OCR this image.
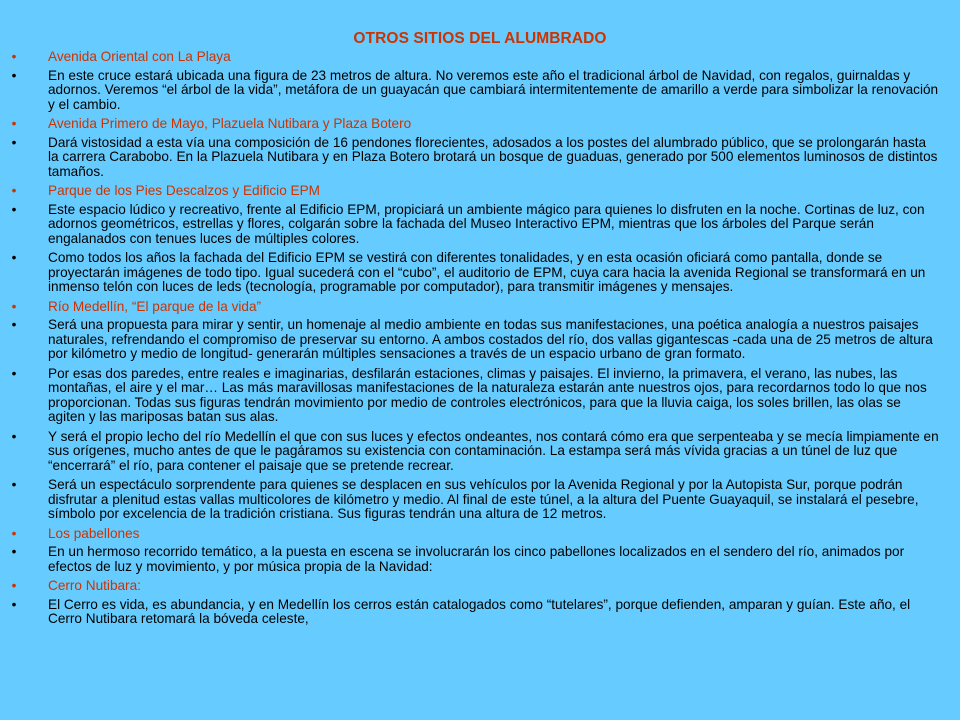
OTROS SITIOS DEL ALUMBRADO
• Avenida Oriental con La Playa
• En este cruce estará ubicada una figura de 23 metros de altura. No veremos este año el tradicional árbol de Navidad, con regalos, guirnaldas y adornos. Veremos “el árbol de la vida”, metáfora de un guayacán que cambiará intermitentemente de amarillo a verde para simbolizar la renovación y el cambio.
• Avenida Primero de Mayo, Plazuela Nutibara y Plaza Botero
• Dará vistosidad a esta vía una composición de 16 pendones florecientes, adosados a los postes del alumbrado público, que se prolongarán hasta la carrera Carabobo. En la Plazuela Nutibara y en Plaza Botero brotará un bosque de guaduas, generado por 500 elementos luminosos de distintos tamaños.
• Parque de los Pies Descalzos y Edificio EPM
• Este espacio lúdico y recreativo, frente al Edificio EPM, propiciará un ambiente mágico para quienes lo disfruten en la noche. Cortinas de luz, con adornos geométricos, estrellas y flores, colgarán sobre la fachada del Museo Interactivo EPM, mientras que los árboles del Parque serán engalanados con tenues luces de múltiples colores.
• Como todos los años la fachada del Edificio EPM se vestirá con diferentes tonalidades, y en esta ocasión oficiará como pantalla, donde se proyectarán imágenes de todo tipo. Igual sucederá con el “cubo”, el auditorio de EPM, cuya cara hacia la avenida Regional se transformará en un inmenso telón con luces de leds (tecnología, programable por computador), para transmitir imágenes y mensajes.
• Río Medellín, “El parque de la vida”
• Será una propuesta para mirar y sentir, un homenaje al medio ambiente en todas sus manifestaciones, una poética analogía a nuestros paisajes naturales, refrendando el compromiso de preservar su entorno. A ambos costados del río, dos vallas gigantescas -cada una de 25 metros de altura por kilómetro y medio de longitud- generarán múltiples sensaciones a través de un espacio urbano de gran formato.
• Por esas dos paredes, entre reales e imaginarias, desfilarán estaciones, climas y paisajes. El invierno, la primavera, el verano, las nubes, las montañas, el aire y el mar… Las más maravillosas manifestaciones de la naturaleza estarán ante nuestros ojos, para recordarnos todo lo que nos proporcionan. Todas sus figuras tendrán movimiento por medio de controles electrónicos, para que la lluvia caiga, los soles brillen, las olas se agiten y las mariposas batan sus alas.
• Y será el propio lecho del río Medellín el que con sus luces y efectos ondeantes, nos contará cómo era que serpenteaba y se mecía limpiamente en sus orígenes, mucho antes de que le pagáramos su existencia con contaminación. La estampa será más vívida gracias a un túnel de luz que “encerrará” el río, para contener el paisaje que se pretende recrear.
• Será un espectáculo sorprendente para quienes se desplacen en sus vehículos por la Avenida Regional y por la Autopista Sur, porque podrán disfrutar a plenitud estas vallas multicolores de kilómetro y medio. Al final de este túnel, a la altura del Puente Guayaquil, se instalará el pesebre, símbolo por excelencia de la tradición cristiana. Sus figuras tendrán una altura de 12 metros.
• Los pabellones
• En un hermoso recorrido temático, a la puesta en escena se involucrarán los cinco pabellones localizados en el sendero del río, animados por efectos de luz y movimiento, y por música propia de la Navidad:
• Cerro Nutibara:
• El Cerro es vida, es abundancia, y en Medellín los cerros están catalogados como “tutelares”, porque defienden, amparan y guían. Este año, el Cerro Nutibara retomará la bóveda celeste,
